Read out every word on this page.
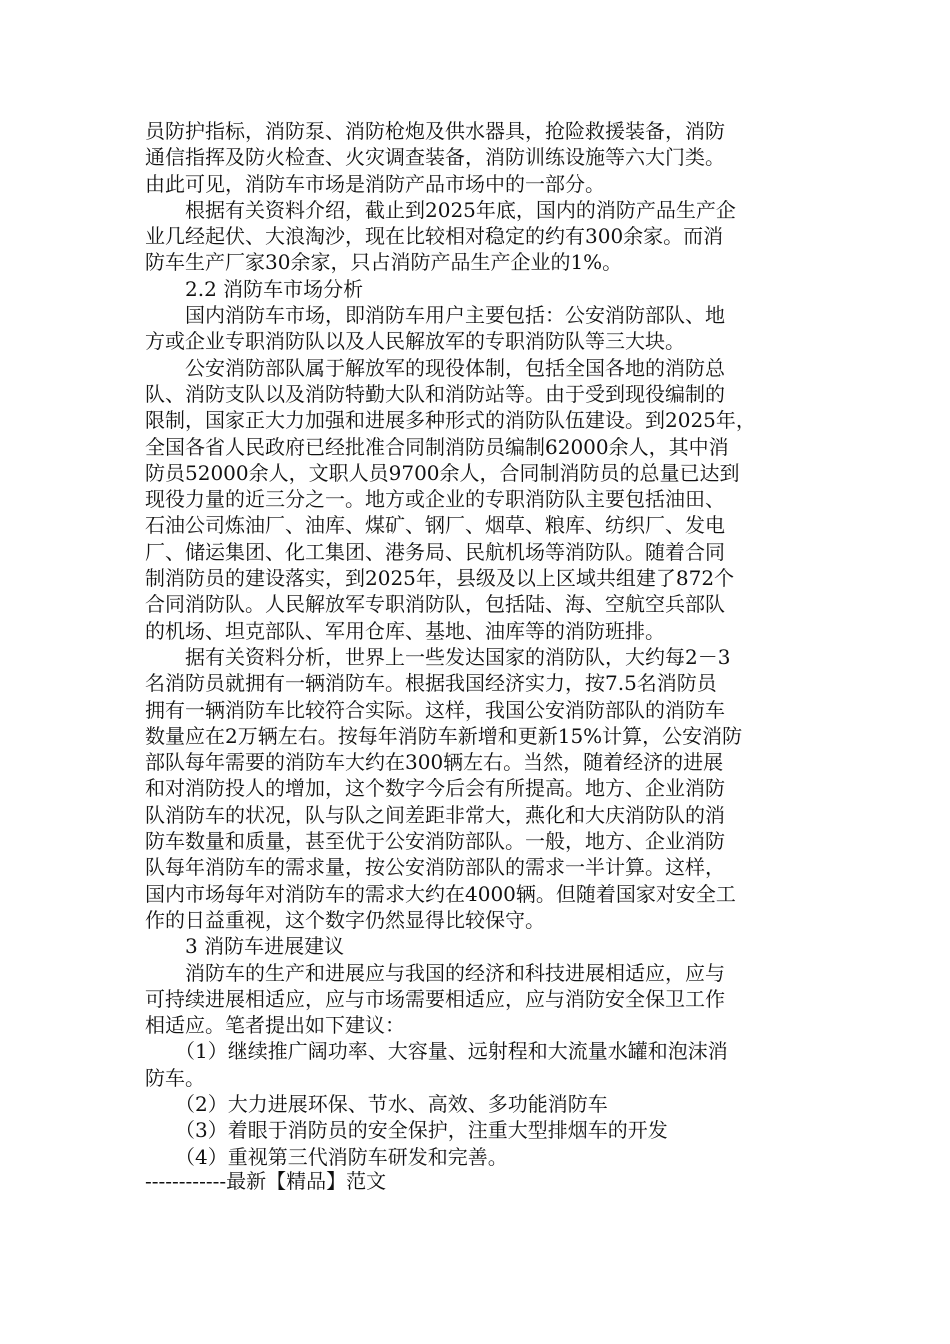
员防护指标，消防泵、消防枪炮及供水器具，抢险救援装备，消防

通信指挥及防火检查、火灾调查装备，消防训练设施等六大门类。

由此可见，消防车市场是消防产品市场中的一部分。

　　根据有关资料介绍，截止到2025年底，国内的消防产品生产企

业几经起伏、大浪淘沙，现在比较相对稳定的约有300余家。而消

防车生产厂家30余家，只占消防产品生产企业的1%。

　　2.2 消防车市场分析

　　国内消防车市场，即消防车用户主要包括：公安消防部队、地

方或企业专职消防队以及人民解放军的专职消防队等三大块。

　　公安消防部队属于解放军的现役体制，包括全国各地的消防总

队、消防支队以及消防特勤大队和消防站等。由于受到现役编制的

限制，国家正大力加强和进展多种形式的消防队伍建设。到2025年，

全国各省人民政府已经批准合同制消防员编制62000余人，其中消

防员52000余人，文职人员9700余人，合同制消防员的总量已达到

现役力量的近三分之一。地方或企业的专职消防队主要包括油田、

石油公司炼油厂、油库、煤矿、钢厂、烟草、粮库、纺织厂、发电

厂、储运集团、化工集团、港务局、民航机场等消防队。随着合同

制消防员的建设落实，到2025年，县级及以上区域共组建了872个

合同消防队。人民解放军专职消防队，包括陆、海、空航空兵部队

的机场、坦克部队、军用仓库、基地、油库等的消防班排。

　　据有关资料分析，世界上一些发达国家的消防队，大约每2－3

名消防员就拥有一辆消防车。根据我国经济实力，按7.5名消防员

拥有一辆消防车比较符合实际。这样，我国公安消防部队的消防车

数量应在2万辆左右。按每年消防车新增和更新15%计算，公安消防

部队每年需要的消防车大约在300辆左右。当然，随着经济的进展

和对消防投人的增加，这个数字今后会有所提高。地方、企业消防

队消防车的状况，队与队之间差距非常大，燕化和大庆消防队的消

防车数量和质量，甚至优于公安消防部队。一般，地方、企业消防

队每年消防车的需求量，按公安消防部队的需求一半计算。这样，

国内市场每年对消防车的需求大约在4000辆。但随着国家对安全工

作的日益重视，这个数字仍然显得比较保守。

　　3 消防车进展建议

　　消防车的生产和进展应与我国的经济和科技进展相适应，应与

可持续进展相适应，应与市场需要相适应，应与消防安全保卫工作

相适应。笔者提出如下建议：

　　（1）继续推广阔功率、大容量、远射程和大流量水罐和泡沫消

防车。

　　（2）大力进展环保、节水、高效、多功能消防车

　　（3）着眼于消防员的安全保护，注重大型排烟车的开发

　　（4）重视第三代消防车研发和完善。

------------最新【精品】范文
